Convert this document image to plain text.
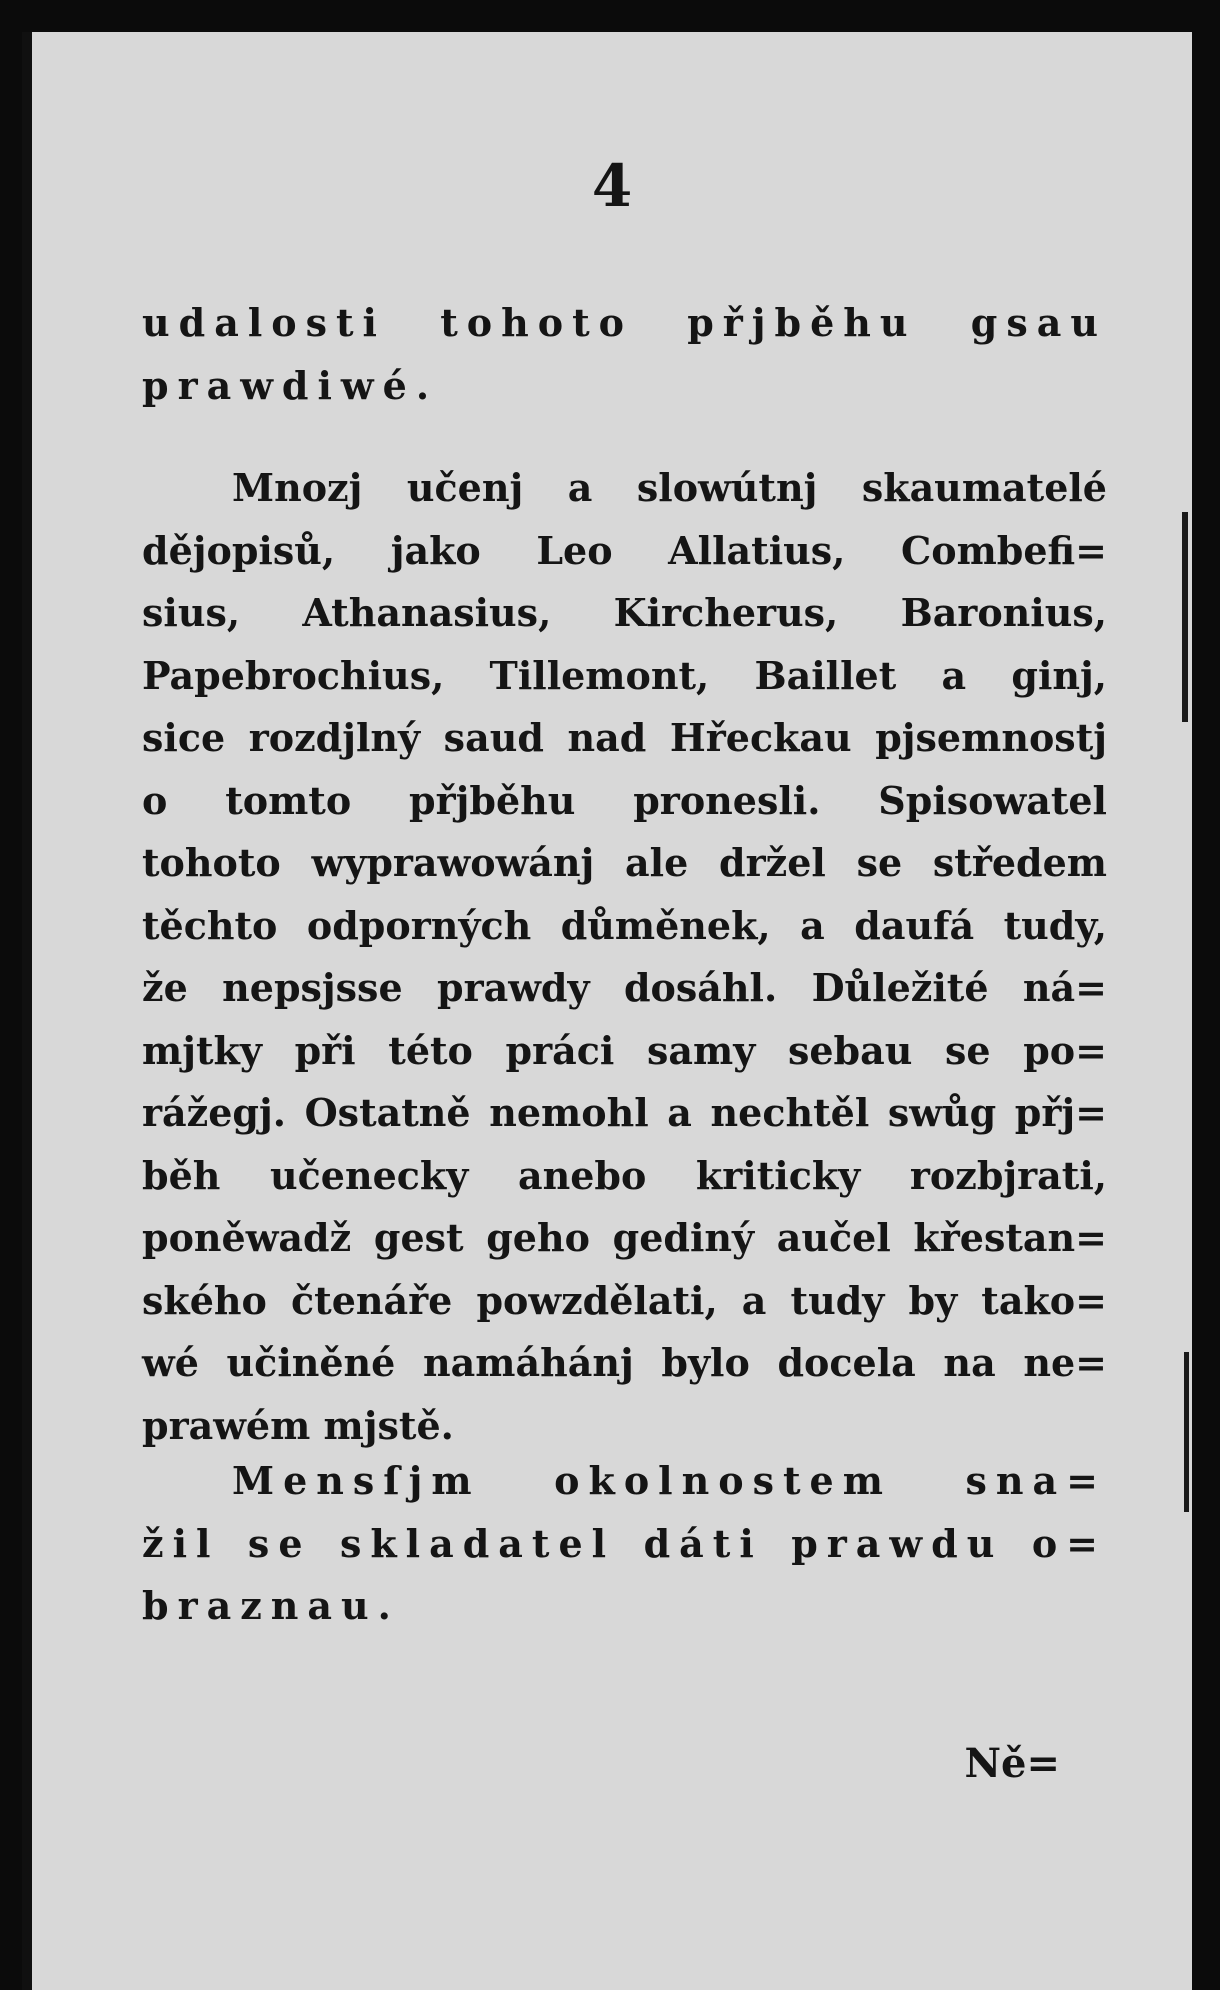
4
udalosti tohoto přjběhu gsau
prawdiwé.
Mnozj učenj a slowútnj skaumatelé
dějopisů, jako Leo Allatius, Combefi=
sius, Athanasius, Kircherus, Baronius,
Papebrochius, Tillemont, Baillet a ginj,
sice rozdjlný saud nad Hřeckau pjsemnostj
o tomto přjběhu pronesli. Spisowatel
tohoto wyprawowánj ale držel se středem
těchto odporných důměnek, a daufá tudy,
že nepsjsse prawdy dosáhl. Důležité ná=
mjtky při této práci samy sebau se po=
rážegj. Ostatně nemohl a nechtěl swůg přj=
běh učenecky anebo kriticky rozbjrati,
poněwadž gest geho gediný aučel křestan=
ského čtenáře powzdělati, a tudy by tako=
wé učiněné namáhánj bylo docela na ne=
prawém mjstě.
Mensſjm okolnostem sna=
žil se skladatel dáti prawdu o=
braznau.
Ně=
